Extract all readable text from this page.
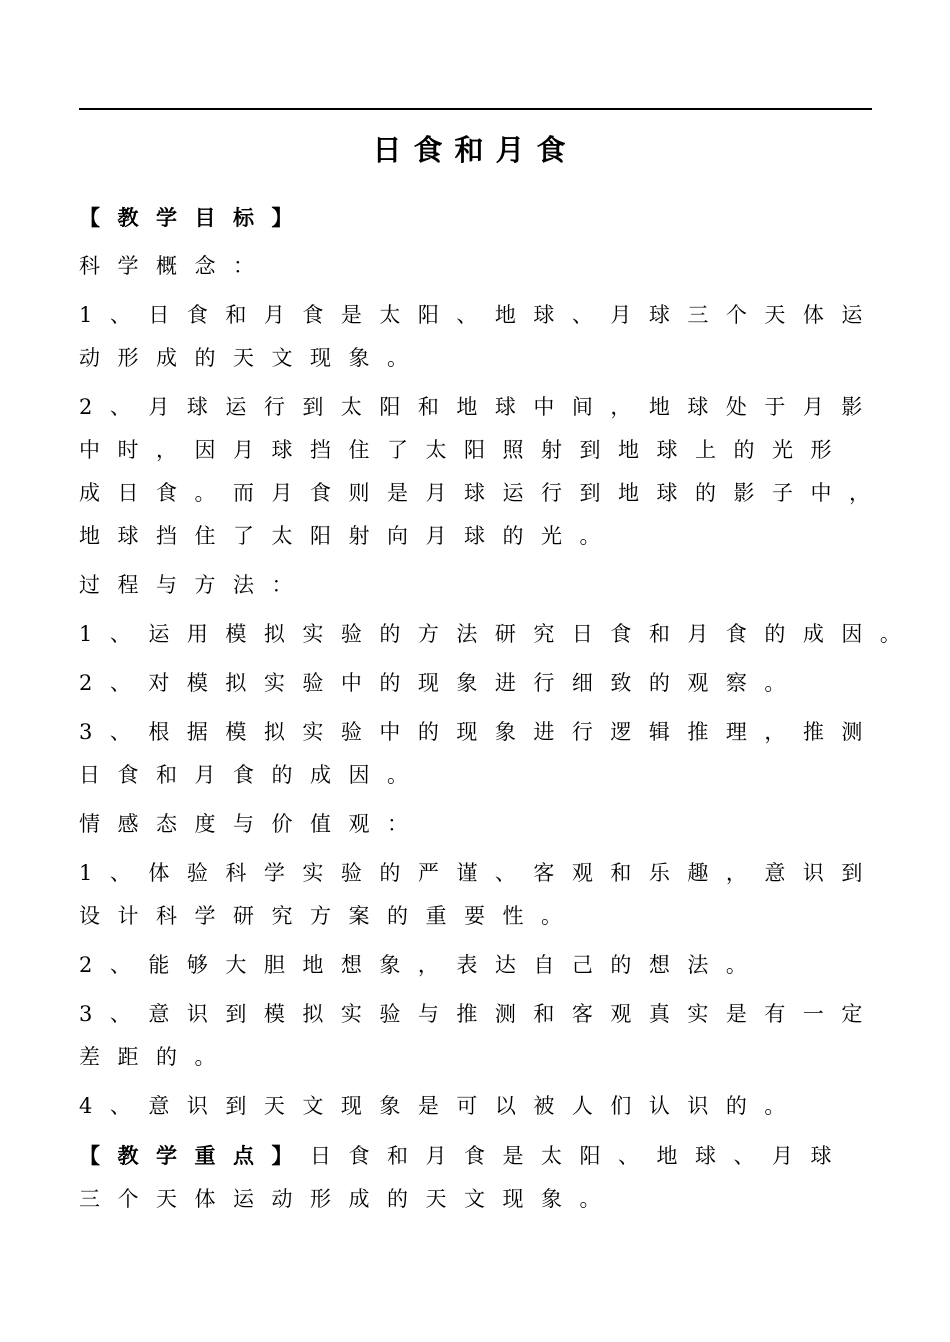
日食和月食
【教学目标】
科学概念：
1、日食和月食是太阳、地球、月球三个天体运
动形成的天文现象。
2、月球运行到太阳和地球中间，地球处于月影
中时，因月球挡住了太阳照射到地球上的光形
成日食。而月食则是月球运行到地球的影子中，
地球挡住了太阳射向月球的光。
过程与方法：
1、运用模拟实验的方法研究日食和月食的成因。
2、对模拟实验中的现象进行细致的观察。
3、根据模拟实验中的现象进行逻辑推理，推测
日食和月食的成因。
情感态度与价值观：
1、体验科学实验的严谨、客观和乐趣，意识到
设计科学研究方案的重要性。
2、能够大胆地想象，表达自己的想法。
3、意识到模拟实验与推测和客观真实是有一定
差距的。
4、意识到天文现象是可以被人们认识的。
【教学重点】日食和月食是太阳、地球、月球
三个天体运动形成的天文现象。
